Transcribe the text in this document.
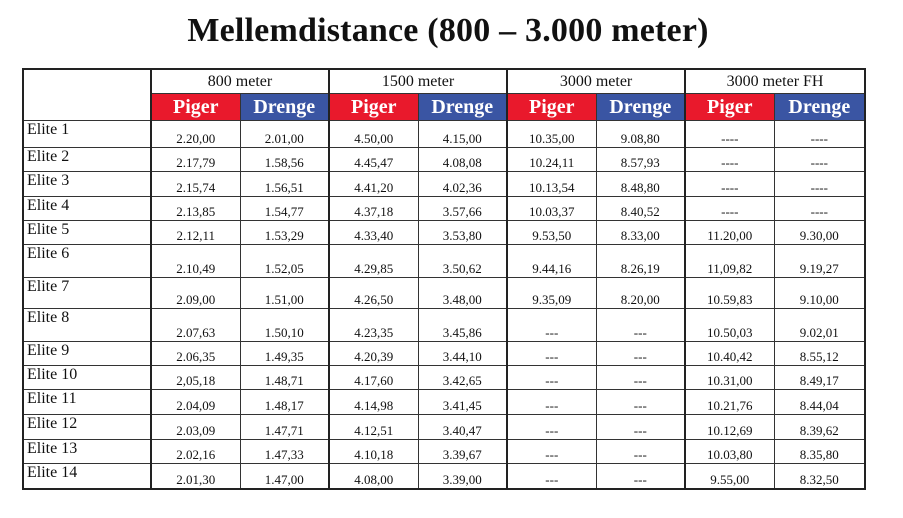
Mellemdistance (800 – 3.000 meter)
	800 meter		1500 meter		3000 meter		3000 meter FH	
	Piger	Drenge	Piger	Drenge	Piger	Drenge	Piger	Drenge
Elite 1	2.20,00	2.01,00	4.50,00	4.15,00	10.35,00	9.08,80	----	----
Elite 2	2.17,79	1.58,56	4.45,47	4.08,08	10.24,11	8.57,93	----	----
Elite 3	2.15,74	1.56,51	4.41,20	4.02,36	10.13,54	8.48,80	----	----
Elite 4	2.13,85	1.54,77	4.37,18	3.57,66	10.03,37	8.40,52	----	----
Elite 5	2.12,11	1.53,29	4.33,40	3.53,80	9.53,50	8.33,00	11.20,00	9.30,00
Elite 6	2.10,49	1.52,05	4.29,85	3.50,62	9.44,16	8.26,19	11,09,82	9.19,27
Elite 7	2.09,00	1.51,00	4.26,50	3.48,00	9.35,09	8.20,00	10.59,83	9.10,00
Elite 8	2.07,63	1.50,10	4.23,35	3.45,86	---	---	10.50,03	9.02,01
Elite 9	2.06,35	1.49,35	4.20,39	3.44,10	---	---	10.40,42	8.55,12
Elite 10	2,05,18	1.48,71	4.17,60	3.42,65	---	---	10.31,00	8.49,17
Elite 11	2.04,09	1.48,17	4.14,98	3.41,45	---	---	10.21,76	8.44,04
Elite 12	2.03,09	1.47,71	4.12,51	3.40,47	---	---	10.12,69	8.39,62
Elite 13	2.02,16	1.47,33	4.10,18	3.39,67	---	---	10.03,80	8.35,80
Elite 14	2.01,30	1.47,00	4.08,00	3.39,00	---	---	9.55,00	8.32,50
